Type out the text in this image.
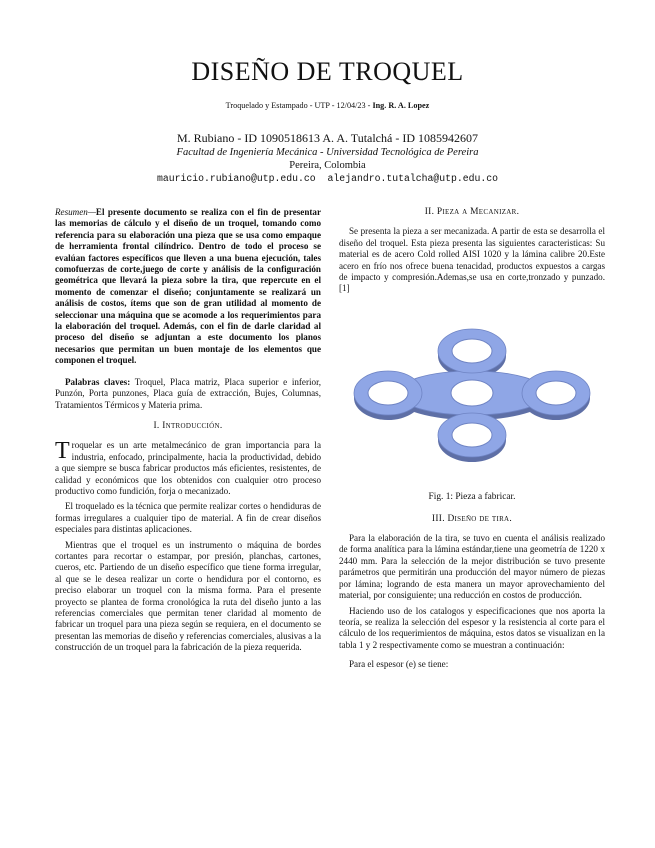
DISEÑO DE TROQUEL
Troquelado y Estampado - UTP - 12/04/23 - Ing. R. A. Lopez
M. Rubiano - ID 1090518613 A. A. Tutalchá - ID 1085942607
Facultad de Ingeniería Mecánica - Universidad Tecnológica de Pereira
Pereira, Colombia
mauricio.rubiano@utp.edu.co alejandro.tutalcha@utp.edu.co

Resumen—El presente documento se realiza con el fin de presentar las memorias de cálculo y el diseño de un troquel, tomando como referencia para su elaboración una pieza que se usa como empaque de herramienta frontal cilíndrico. Dentro de todo el proceso se evalúan factores específicos que lleven a una buena ejecución, tales comofuerzas de corte,juego de corte y análisis de la configuración geométrica que llevará la pieza sobre la tira, que repercute en el momento de comenzar el diseño; conjuntamente se realizará un análisis de costos, ítems que son de gran utilidad al momento de seleccionar una máquina que se acomode a los requerimientos para la elaboración del troquel. Además, con el fin de darle claridad al proceso del diseño se adjuntan a este documento los planos necesarios que permitan un buen montaje de los elementos que componen el troquel.

Palabras claves: Troquel, Placa matriz, Placa superior e inferior, Punzón, Porta punzones, Placa guía de extracción, Bujes, Columnas, Tratamientos Térmicos y Materia prima.

I. Introducción.

Troquelar es un arte metalmecánico de gran importancia para la industria, enfocado, principalmente, hacia la productividad, debido a que siempre se busca fabricar productos más eficientes, resistentes, de calidad y económicos que los obtenidos con cualquier otro proceso productivo como fundición, forja o mecanizado.

El troquelado es la técnica que permite realizar cortes o hendiduras de formas irregulares a cualquier tipo de material. A fin de crear diseños especiales para distintas aplicaciones.

Mientras que el troquel es un instrumento o máquina de bordes cortantes para recortar o estampar, por presión, planchas, cartones, cueros, etc. Partiendo de un diseño específico que tiene forma irregular, al que se le desea realizar un corte o hendidura por el contorno, es preciso elaborar un troquel con la misma forma. Para el presente proyecto se plantea de forma cronológica la ruta del diseño junto a las referencias comerciales que permitan tener claridad al momento de fabricar un troquel para una pieza según se requiera, en el documento se presentan las memorias de diseño y referencias comerciales, alusivas a la construcción de un troquel para la fabricación de la pieza requerida.

II. Pieza a Mecanizar.

Se presenta la pieza a ser mecanizada. A partir de esta se desarrolla el diseño del troquel. Esta pieza presenta las siguientes caracteristicas: Su material es de acero Cold rolled AISI 1020 y la lámina calibre 20.Este acero en frío nos ofrece buena tenacidad, productos expuestos a cargas de impacto y compresión.Ademas,se usa en corte,tronzado y punzado.[1]

Fig. 1: Pieza a fabricar.

III. Diseño de tira.

Para la elaboración de la tira, se tuvo en cuenta el análisis realizado de forma analítica para la lámina estándar,tiene una geometría de 1220 x 2440 mm. Para la selección de la mejor distribución se tuvo presente parámetros que permitirán una producción del mayor número de piezas por lámina; logrando de esta manera un mayor aprovechamiento del material, por consiguiente; una reducción en costos de producción.

Haciendo uso de los catalogos y especificaciones que nos aporta la teoría, se realiza la selección del espesor y la resistencia al corte para el cálculo de los requerimientos de máquina, estos datos se visualizan en la tabla 1 y 2 respectivamente como se muestran a continuación:

Para el espesor (e) se tiene:
